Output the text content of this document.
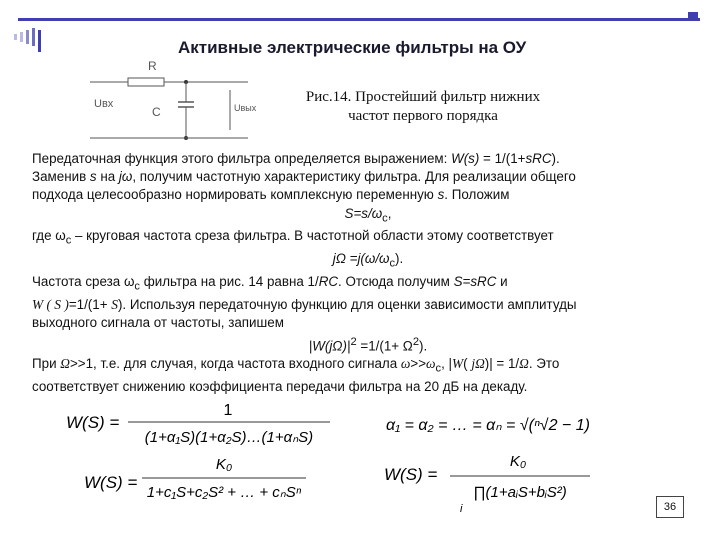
Активные электрические фильтры на ОУ
R
Uвх
C	Uвых
Рис.14. Простейший фильтр нижних
частот первого порядка

Передаточная функция этого фильтра определяется выражением: W(s) = 1/(1+sRC).

Заменив s на jω, получим частотную характеристику фильтра. Для реализации общего

подхода целесообразно нормировать комплексную переменную s. Положим

$S=s/\omega_c$,

где $\omega_c$ – круговая частота среза фильтра. В частотной области этому соответствует

$j\Omega =j(\omega/\omega_c)$.

Частота среза $\omega_c$ фильтра на рис. 14 равна 1/RC. Отсюда получим S=sRC и

W ( S )=1/(1+ S). Используя передаточную функцию для оценки зависимости амплитуды

выходного сигнала от частоты, запишем

$|W(j\Omega)|^2 =1/(1+ \Omega^2)$.

При Ω>>1, т.е. для случая, когда частота входного сигнала $\omega>>\omega_с$, |W( jΩ)| = 1/Ω. Это

соответствует снижению коэффициента передачи фильтра на 20 дБ на декаду.

W(S) =
1
(1+α₁S)(1+α₂S)…(1+αₙS)
α₁ = α₂ = … = αₙ = √(ⁿ√2 − 1)
W(S) =
K₀
1+c₁S+c₂S² + … + cₙSⁿ
W(S) =
K₀
∏(1+aᵢS+bᵢS²)
i	36
